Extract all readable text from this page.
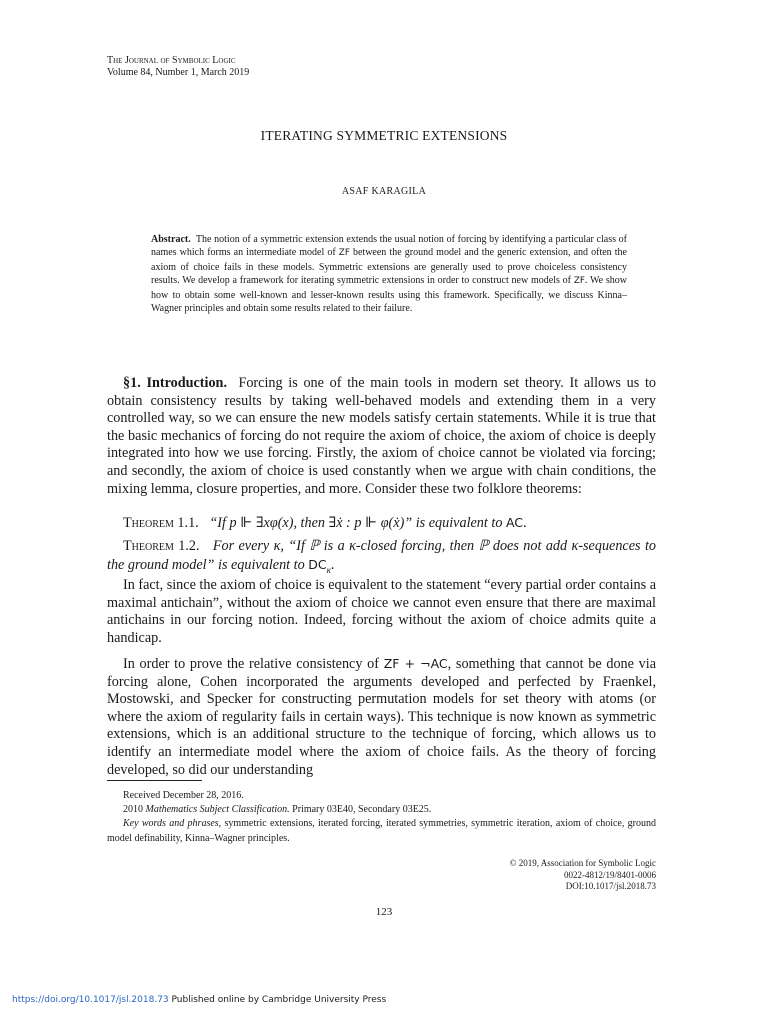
The Journal of Symbolic Logic
Volume 84, Number 1, March 2019
ITERATING SYMMETRIC EXTENSIONS
ASAF KARAGILA
Abstract. The notion of a symmetric extension extends the usual notion of forcing by identifying a particular class of names which forms an intermediate model of ZF between the ground model and the generic extension, and often the axiom of choice fails in these models. Symmetric extensions are generally used to prove choiceless consistency results. We develop a framework for iterating symmetric extensions in order to construct new models of ZF. We show how to obtain some well-known and lesser-known results using this framework. Specifically, we discuss Kinna–Wagner principles and obtain some results related to their failure.
§1. Introduction. Forcing is one of the main tools in modern set theory. It allows us to obtain consistency results by taking well-behaved models and extending them in a very controlled way, so we can ensure the new models satisfy certain statements. While it is true that the basic mechanics of forcing do not require the axiom of choice, the axiom of choice is deeply integrated into how we use forcing. Firstly, the axiom of choice cannot be violated via forcing; and secondly, the axiom of choice is used constantly when we argue with chain conditions, the mixing lemma, closure properties, and more. Consider these two folklore theorems:
Theorem 1.1. “If p ⊩ ∃xφ(x), then ∃ẋ : p ⊩ φ(ẋ)” is equivalent to AC.
Theorem 1.2. For every κ, “If ℙ is a κ-closed forcing, then ℙ does not add κ-sequences to the ground model” is equivalent to $DC_\kappa$.
In fact, since the axiom of choice is equivalent to the statement “every partial order contains a maximal antichain”, without the axiom of choice we cannot even ensure that there are maximal antichains in our forcing notion. Indeed, forcing without the axiom of choice admits quite a handicap.
In order to prove the relative consistency of ZF + ¬AC, something that cannot be done via forcing alone, Cohen incorporated the arguments developed and perfected by Fraenkel, Mostowski, and Specker for constructing permutation models for set theory with atoms (or where the axiom of regularity fails in certain ways). This technique is now known as symmetric extensions, which is an additional structure to the technique of forcing, which allows us to identify an intermediate model where the axiom of choice fails. As the theory of forcing developed, so did our understanding
Received December 28, 2016.
2010 Mathematics Subject Classification. Primary 03E40, Secondary 03E25.
Key words and phrases, symmetric extensions, iterated forcing, iterated symmetries, symmetric iteration, axiom of choice, ground model definability, Kinna–Wagner principles.
© 2019, Association for Symbolic Logic
0022-4812/19/8401-0006
DOI:10.1017/jsl.2018.73
123
https://doi.org/10.1017/jsl.2018.73 Published online by Cambridge University Press
